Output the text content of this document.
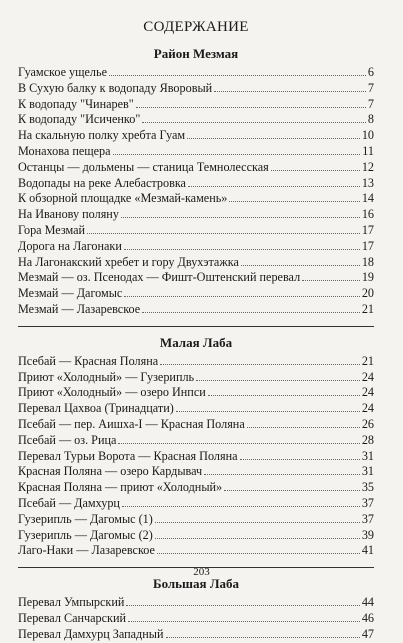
СОДЕРЖАНИЕ
Район Мезмая
Гуамское ущелье	6
В Сухую балку к водопаду Яворовый	7
К водопаду "Чинарев"	7
К водопаду "Исиченко"	8
На скальную полку хребта Гуам	10
Монахова пещера	11
Останцы — дольмены — станица Темнолесская	12
Водопады на реке Алебастровка	13
К обзорной площадке «Мезмай-камень»	14
На Иванову поляну	16
Гора Мезмай	17
Дорога на Лагонаки	17
На Лагонакский хребет и гору Двухэтажка	18
Мезмай — оз. Псенодах — Фишт-Оштенский перевал	19
Мезмай — Дагомыс	20
Мезмай — Лазаревское	21
Малая Лаба
Псебай — Красная Поляна	21
Приют «Холодный» — Гузерипль	24
Приют «Холодный» — озеро Инпси	24
Перевал Цахвоа (Тринадцати)	24
Псебай — пер. Аишха-I — Красная Поляна	26
Псебай — оз. Рица	28
Перевал Турьи Ворота — Красная Поляна	31
Красная Поляна — озеро Кардывач	31
Красная Поляна — приют «Холодный»	35
Псебай — Дамхурц	37
Гузерипль — Дагомыс (1)	37
Гузерипль — Дагомыс (2)	39
Лаго-Наки — Лазаревское	41
Большая Лаба
Перевал Умпырский	44
Перевал Санчарский	46
Перевал Дамхурц Западный	47
203
